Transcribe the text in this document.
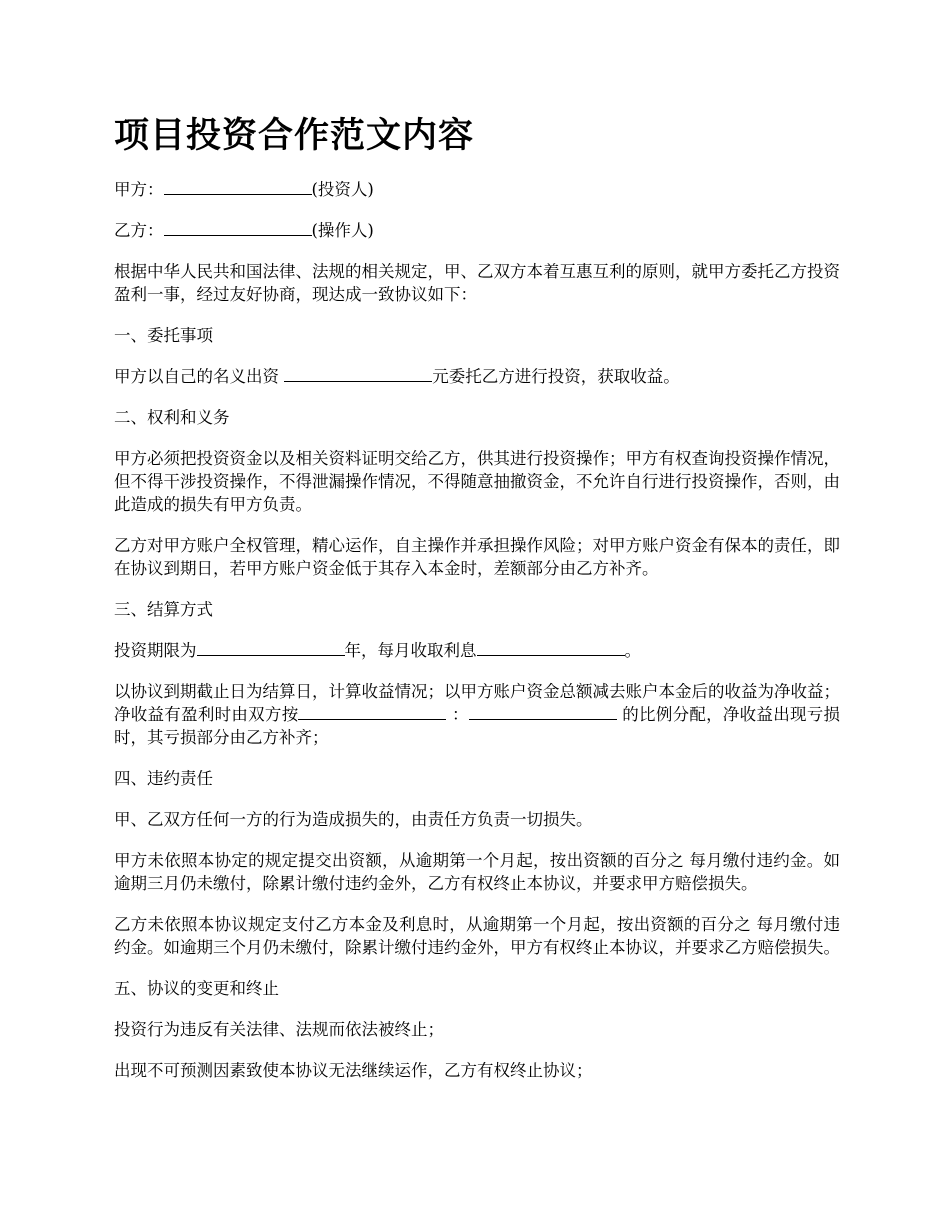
项目投资合作范文内容

甲方：	(投资人)

乙方：	(操作人)

根据中华人民共和国法律、法规的相关规定，甲、乙双方本着互惠互利的原则，就甲方委托乙方投资盈利一事，经过友好协商，现达成一致协议如下：

一、委托事项

甲方以自己的名义出资	元委托乙方进行投资，获取收益。

二、权利和义务

甲方必须把投资资金以及相关资料证明交给乙方，供其进行投资操作；甲方有权查询投资操作情况，但不得干涉投资操作，不得泄漏操作情况，不得随意抽撤资金，不允许自行进行投资操作，否则，由此造成的损失有甲方负责。

乙方对甲方账户全权管理，精心运作，自主操作并承担操作风险；对甲方账户资金有保本的责任，即在协议到期日，若甲方账户资金低于其存入本金时，差额部分由乙方补齐。

三、结算方式

投资期限为	年，每月收取利息	。

以协议到期截止日为结算日，计算收益情况；以甲方账户资金总额减去账户本金后的收益为净收益；净收益有盈利时由双方按	：	的比例分配，净收益出现亏损时，其亏损部分由乙方补齐；

四、违约责任

甲、乙双方任何一方的行为造成损失的，由责任方负责一切损失。

甲方未依照本协定的规定提交出资额，从逾期第一个月起，按出资额的百分之 每月缴付违约金。如逾期三月仍未缴付，除累计缴付违约金外，乙方有权终止本协议，并要求甲方赔偿损失。

乙方未依照本协议规定支付乙方本金及利息时，从逾期第一个月起，按出资额的百分之 每月缴付违约金。如逾期三个月仍未缴付，除累计缴付违约金外，甲方有权终止本协议，并要求乙方赔偿损失。

五、协议的变更和终止

投资行为违反有关法律、法规而依法被终止；

出现不可预测因素致使本协议无法继续运作，乙方有权终止协议；
